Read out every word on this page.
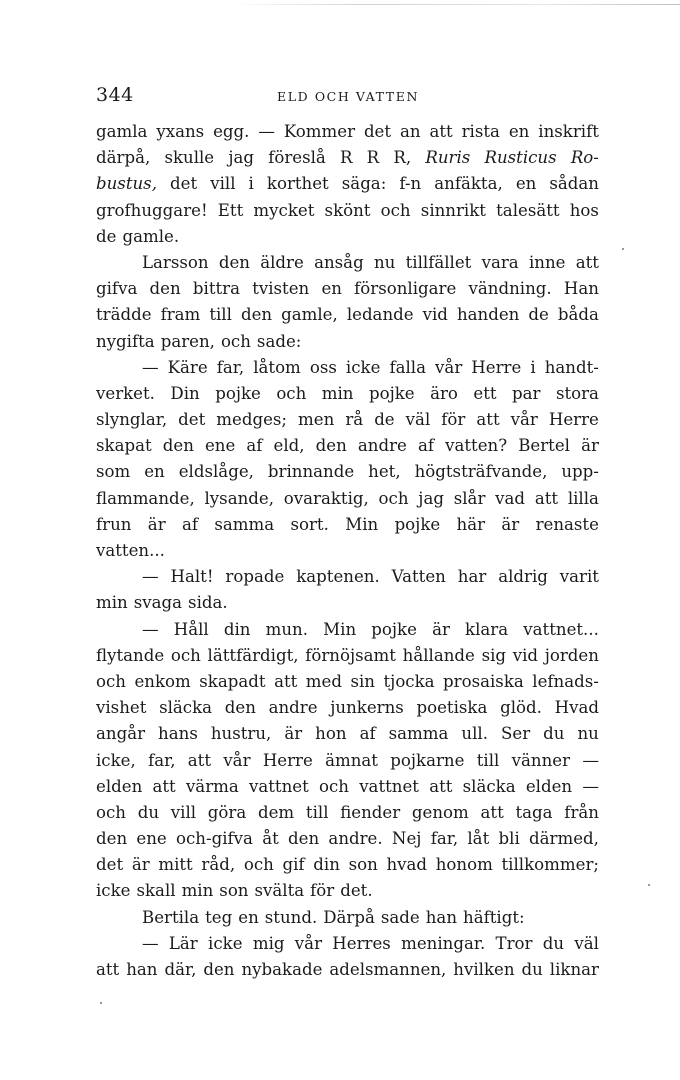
344	ELD OCH VATTEN
gamla yxans egg. — Kommer det an att rista en inskrift
därpå, skulle jag föreslå R R R, Ruris Rusticus Ro-
bustus, det vill i korthet säga: f-n anfäkta, en sådan
grofhuggare! Ett mycket skönt och sinnrikt talesätt hos
de gamle.
Larsson den äldre ansåg nu tillfället vara inne att
gifva den bittra tvisten en försonligare vändning. Han
trädde fram till den gamle, ledande vid handen de båda
nygifta paren, och sade:
— Käre far, låtom oss icke falla vår Herre i handt-
verket. Din pojke och min pojke äro ett par stora
slynglar, det medges; men rå de väl för att vår Herre
skapat den ene af eld, den andre af vatten? Bertel är
som en eldslåge, brinnande het, högtsträfvande, upp-
flammande, lysande, ovaraktig, och jag slår vad att lilla
frun är af samma sort. Min pojke här är renaste
vatten...
— Halt! ropade kaptenen. Vatten har aldrig varit
min svaga sida.
— Håll din mun. Min pojke är klara vattnet...
flytande och lättfärdigt, förnöjsamt hållande sig vid jorden
och enkom skapadt att med sin tjocka prosaiska lefnads-
vishet släcka den andre junkerns poetiska glöd. Hvad
angår hans hustru, är hon af samma ull. Ser du nu
icke, far, att vår Herre ämnat pojkarne till vänner —
elden att värma vattnet och vattnet att släcka elden —
och du vill göra dem till fiender genom att taga från
den ene och-gifva åt den andre. Nej far, låt bli därmed,
det är mitt råd, och gif din son hvad honom tillkommer;
icke skall min son svälta för det.
Bertila teg en stund. Därpå sade han häftigt:
— Lär icke mig vår Herres meningar. Tror du väl
att han där, den nybakade adelsmannen, hvilken du liknar
